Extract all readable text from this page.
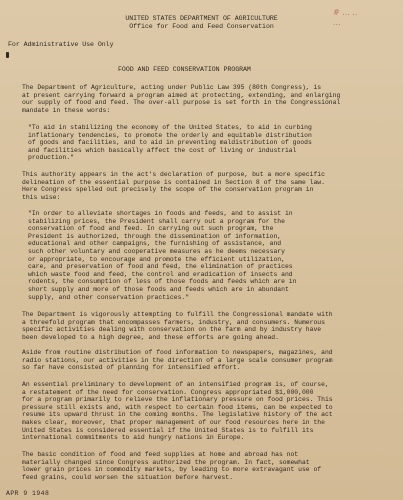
UNITED STATES DEPARTMENT OF AGRICULTURE
Office for Food and Feed Conservation
# ... ..
...
For Administrative Use Only
FOOD AND FEED CONSERVATION PROGRAM
The Department of Agriculture, acting under Public Law 395 (80th Congress), is
at present carrying forward a program aimed at protecting, extending, and enlarging
our supply of food and feed. The over-all purpose is set forth in the Congressional
mandate in these words:
"To aid in stabilizing the economy of the United States, to aid in curbing
inflationary tendencies, to promote the orderly and equitable distribution
of goods and facilities, and to aid in preventing maldistribution of goods
and facilities which basically affect the cost of living or industrial
production."
This authority appears in the act's declaration of purpose, but a more specific
delineation of the essential purpose is contained in Section 8 of the same law.
Here Congress spelled out precisely the scope of the conservation program in
this wise:
"In order to alleviate shortages in foods and feeds, and to assist in
stabilizing prices, the President shall carry out a program for the
conservation of food and feed. In carrying out such program, the
President is authorized, through the dissemination of information,
educational and other campaigns, the furnishing of assistance, and
such other voluntary and cooperative measures as he deems necessary
or appropriate, to encourage and promote the efficient utilization,
care, and preservation of food and feed, the elimination of practices
which waste food and feed, the control and eradication of insects and
rodents, the consumption of less of those foods and feeds which are in
short supply and more of those foods and feeds which are in abundant
supply, and other conservation practices."
The Department is vigorously attempting to fulfill the Congressional mandate with
a threefold program that encompasses farmers, industry, and consumers. Numerous
specific activities dealing with conservation on the farm and by industry have
been developed to a high degree, and these efforts are going ahead.
Aside from routine distribution of food information to newspapers, magazines, and
radio stations, our activities in the direction of a large scale consumer program
so far have consisted of planning for intensified effort.
An essential preliminary to development of an intensified program is, of course,
a restatement of the need for conservation. Congress appropriated $1,000,000
for a program primarily to relieve the inflationary pressure on food prices. This
pressure still exists and, with respect to certain food items, can be expected to
resume its upward thrust in the coming months. The legislative history of the act
makes clear, moreover, that proper management of our food resources here in the
United States is considered essential if the United States is to fulfill its
international commitments to aid hungry nations in Europe.
The basic condition of food and feed supplies at home and abroad has not
materially changed since Congress authorized the program. In fact, somewhat
lower grain prices in commodity markets, by leading to more extravagant use of
feed grains, could worsen the situation before harvest.
APR 9 1948
